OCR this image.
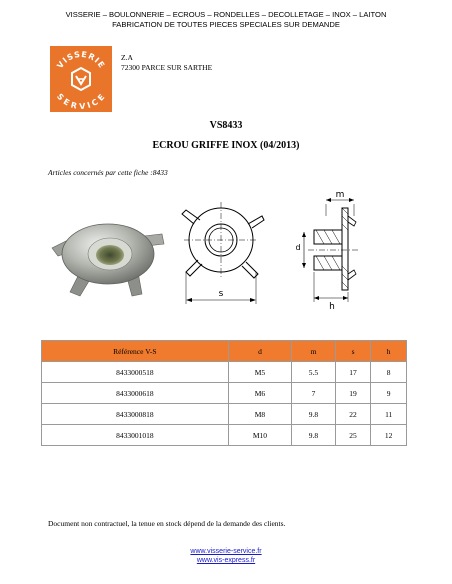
VISSERIE – BOULONNERIE – ECROUS – RONDELLES – DECOLLETAGE – INOX – LAITON
FABRICATION DE TOUTES PIECES SPECIALES SUR DEMANDE
VISSERIE
SERVICE
Z.A
72300 PARCE SUR SARTHE
VS8433
ECROU GRIFFE INOX (04/2013)
Articles concernés par cette fiche :8433
s
m
d
h
Référence V-S	d	m	s	h
8433000518	M5	5.5	17	8
8433000618	M6	7	19	9
8433000818	M8	9.8	22	11
8433001018	M10	9.8	25	12
Document non contractuel, la tenue en stock dépend de la demande des clients.
www.visserie-service.fr
www.vis-express.fr
